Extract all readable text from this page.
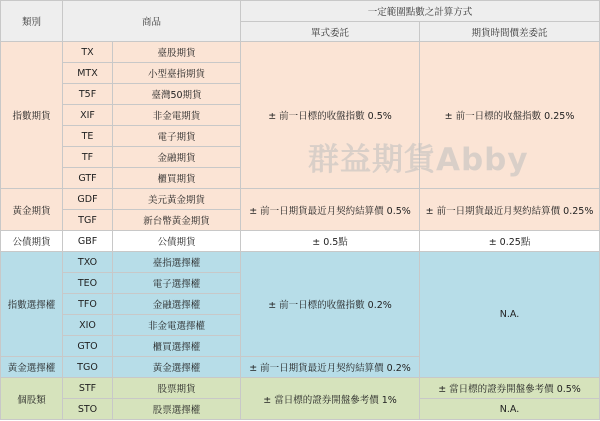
類別	商品		一定範圍點數之計算方式	
			單式委託	期貨時間價差委託
指數期貨	TX	臺股期貨	± 前一日標的收盤指數 0.5%	± 前一日標的收盤指數 0.25%
	MTX	小型臺指期貨		
	T5F	臺灣50期貨		
	XIF	非金電期貨		
	TE	電子期貨		
	TF	金融期貨		
	GTF	櫃買期貨		
黃金期貨	GDF	美元黃金期貨	± 前一日期貨最近月契約結算價 0.5%	± 前一日期貨最近月契約結算價 0.25%
	TGF	新台幣黃金期貨		
公債期貨	GBF	公債期貨	± 0.5點	± 0.25點
指數選擇權	TXO	臺指選擇權	± 前一日標的收盤指數 0.2%	N.A.
	TEO	電子選擇權		
	TFO	金融選擇權		
	XIO	非金電選擇權		
	GTO	櫃買選擇權		
黃金選擇權	TGO	黃金選擇權	± 前一日期貨最近月契約結算價 0.2%	
個股類	STF	股票期貨	± 當日標的證券開盤參考價 1%	± 當日標的證券開盤參考價 0.5%
	STO	股票選擇權		N.A.
群益期貨Abby
